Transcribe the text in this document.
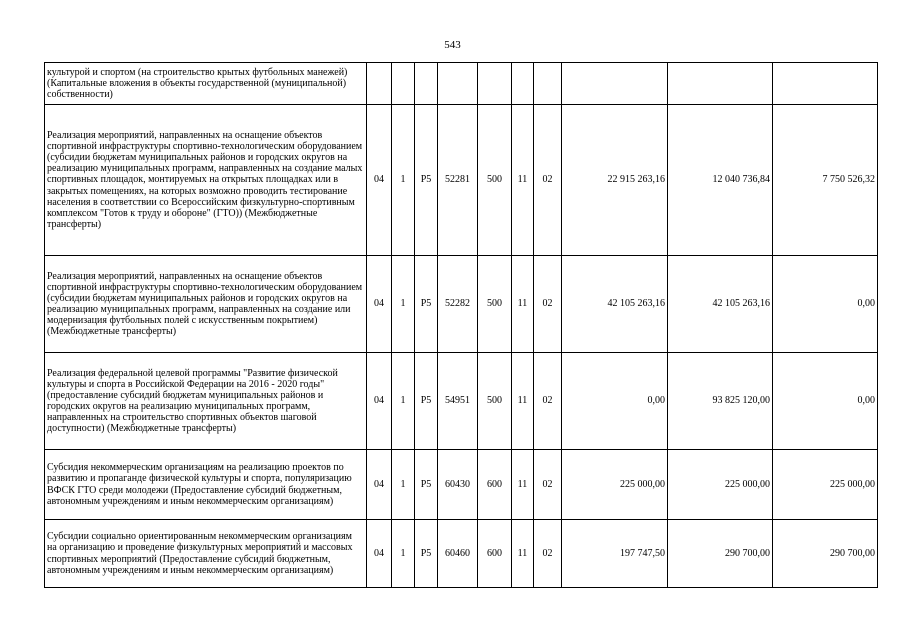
543
культурой и спортом (на строительство крытых футбольных манежей) (Капитальные вложения в объекты государственной (муниципальной) собственности)										
Реализация мероприятий, направленных на оснащение объектов спортивной инфраструктуры спортивно-технологическим оборудованием (субсидии бюджетам муниципальных районов и городских округов на реализацию муниципальных программ, направленных на создание малых спортивных площадок, монтируемых на открытых площадках или в закрытых помещениях, на которых возможно проводить тестирование населения в соответствии со Всероссийским физкультурно-спортивным комплексом "Готов к труду и обороне" (ГТО)) (Межбюджетные трансферты)	04	1	P5	52281	500	11	02	22 915 263,16	12 040 736,84	7 750 526,32
Реализация мероприятий, направленных на оснащение объектов спортивной инфраструктуры спортивно-технологическим оборудованием (субсидии бюджетам муниципальных районов и городских округов на реализацию муниципальных программ, направленных на создание или модернизация футбольных полей с искусственным покрытием) (Межбюджетные трансферты)	04	1	P5	52282	500	11	02	42 105 263,16	42 105 263,16	0,00
Реализация федеральной целевой программы "Развитие физической культуры и спорта в Российской Федерации на 2016 - 2020 годы" (предоставление субсидий бюджетам муниципальных районов и городских округов на реализацию муниципальных программ, направленных на строительство спортивных объектов шаговой доступности) (Межбюджетные трансферты)	04	1	P5	54951	500	11	02	0,00	93 825 120,00	0,00
Субсидия некоммерческим организациям на реализацию проектов по развитию и пропаганде физической культуры и спорта, популяризацию ВФСК ГТО среди молодежи (Предоставление субсидий бюджетным, автономным учреждениям и иным некоммерческим организациям)	04	1	P5	60430	600	11	02	225 000,00	225 000,00	225 000,00
Субсидии социально ориентированным некоммерческим организациям на организацию и проведение физкультурных мероприятий и массовых спортивных мероприятий (Предоставление субсидий бюджетным, автономным учреждениям и иным некоммерческим организациям)	04	1	P5	60460	600	11	02	197 747,50	290 700,00	290 700,00
